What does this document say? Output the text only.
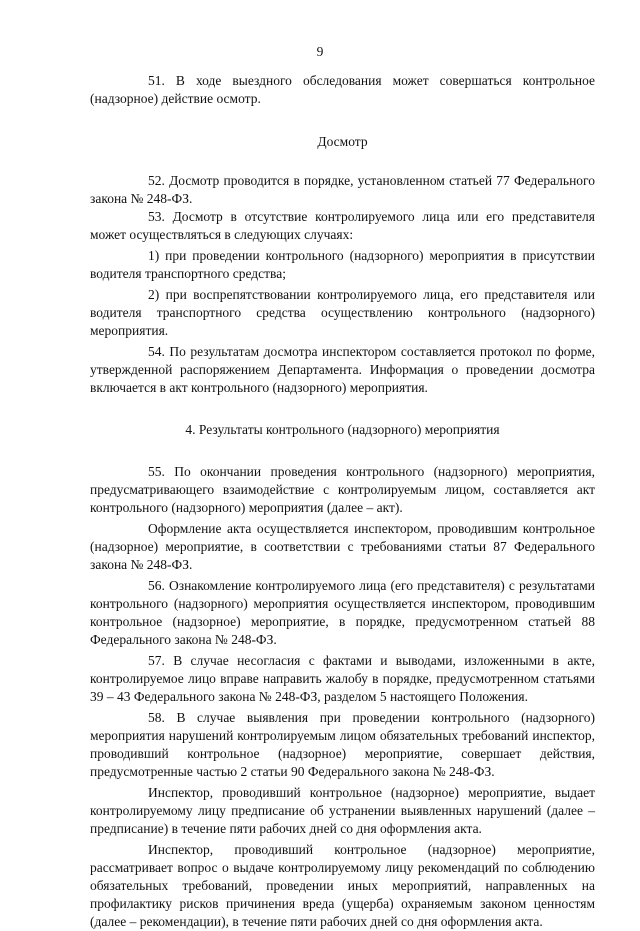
9

51. В ходе выездного обследования может совершаться контрольное (надзорное) действие осмотр.

Досмотр

52. Досмотр проводится в порядке, установленном статьей 77 Федерального закона № 248-ФЗ.

53. Досмотр в отсутствие контролируемого лица или его представителя может осуществляться в следующих случаях:

1) при проведении контрольного (надзорного) мероприятия в присутствии водителя транспортного средства;

2) при воспрепятствовании контролируемого лица, его представителя или водителя транспортного средства осуществлению контрольного (надзорного) мероприятия.

54. По результатам досмотра инспектором составляется протокол по форме, утвержденной распоряжением Департамента. Информация о проведении досмотра включается в акт контрольного (надзорного) мероприятия.

4. Результаты контрольного (надзорного) мероприятия

55. По окончании проведения контрольного (надзорного) мероприятия, предусматривающего взаимодействие с контролируемым лицом, составляется акт контрольного (надзорного) мероприятия (далее – акт).

Оформление акта осуществляется инспектором, проводившим контрольное (надзорное) мероприятие, в соответствии с требованиями статьи 87 Федерального закона № 248-ФЗ.

56. Ознакомление контролируемого лица (его представителя) с результатами контрольного (надзорного) мероприятия осуществляется инспектором, проводившим контрольное (надзорное) мероприятие, в порядке, предусмотренном статьей 88 Федерального закона № 248-ФЗ.

57. В случае несогласия с фактами и выводами, изложенными в акте, контролируемое лицо вправе направить жалобу в порядке, предусмотренном статьями 39 – 43 Федерального закона № 248-ФЗ, разделом 5 настоящего Положения.

58. В случае выявления при проведении контрольного (надзорного) мероприятия нарушений контролируемым лицом обязательных требований инспектор, проводивший контрольное (надзорное) мероприятие, совершает действия, предусмотренные частью 2 статьи 90 Федерального закона № 248-ФЗ.

Инспектор, проводивший контрольное (надзорное) мероприятие, выдает контролируемому лицу предписание об устранении выявленных нарушений (далее – предписание) в течение пяти рабочих дней со дня оформления акта.

Инспектор, проводивший контрольное (надзорное) мероприятие, рассматривает вопрос о выдаче контролируемому лицу рекомендаций по соблюдению обязательных требований, проведении иных мероприятий, направленных на профилактику рисков причинения вреда (ущерба) охраняемым законом ценностям (далее – рекомендации), в течение пяти рабочих дней со дня оформления акта.
